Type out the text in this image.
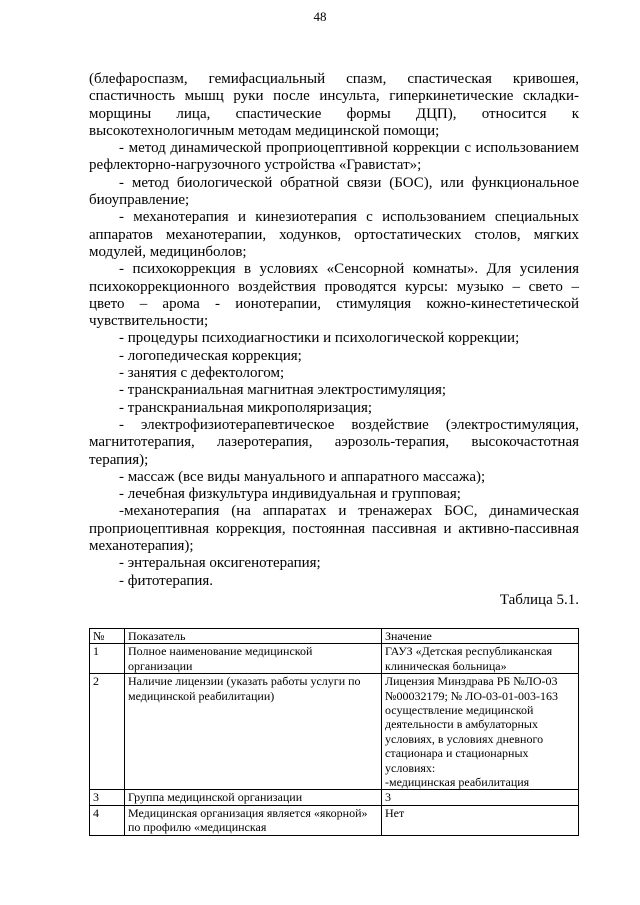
48

(блефароспазм, гемифасциальный спазм, спастическая кривошея, спастичность мышц руки после инсульта, гиперкинетические складки-морщины лица, спастические формы ДЦП), относится к высокотехнологичным методам медицинской помощи;

- метод динамической проприоцептивной коррекции с использованием рефлекторно-нагрузочного устройства «Гравистат»;

- метод биологической обратной связи (БОС), или функциональное биоуправление;

- механотерапия и кинезиотерапия с использованием специальных аппаратов механотерапии, ходунков, ортостатических столов, мягких модулей, медицинболов;

- психокоррекция в условиях «Сенсорной комнаты». Для усиления психокоррекционного воздействия проводятся курсы: музыко – свето – цвето – арома - ионотерапии, стимуляция кожно-кинестетической чувствительности;

- процедуры психодиагностики и психологической коррекции;

- логопедическая коррекция;

- занятия с дефектологом;

- транскраниальная магнитная электростимуляция;

- транскраниальная микрополяризация;

- электрофизиотерапевтическое воздействие (электростимуляция, магнитотерапия, лазеротерапия, аэрозоль-терапия, высокочастотная терапия);

- массаж (все виды мануального и аппаратного массажа);

- лечебная физкультура индивидуальная и групповая;

-механотерапия (на аппаратах и тренажерах БОС, динамическая проприоцептивная коррекция, постоянная пассивная и активно-пассивная механотерапия);

- энтеральная оксигенотерапия;

- фитотерапия.

Таблица 5.1.
№	Показатель	Значение
1	Полное наименование медицинской организации	ГАУЗ «Детская республиканская клиническая больница»
2	Наличие лицензии (указать работы услуги по медицинской реабилитации)	Лицензия Минздрава РБ №ЛО-03 №00032179; № ЛО-03-01-003-163 осуществление медицинской деятельности в амбулаторных условиях, в условиях дневного стационара и стационарных условиях:
-медицинская реабилитация
3	Группа медицинской организации	3
4	Медицинская организация является «якорной» по профилю «медицинская	Нет
